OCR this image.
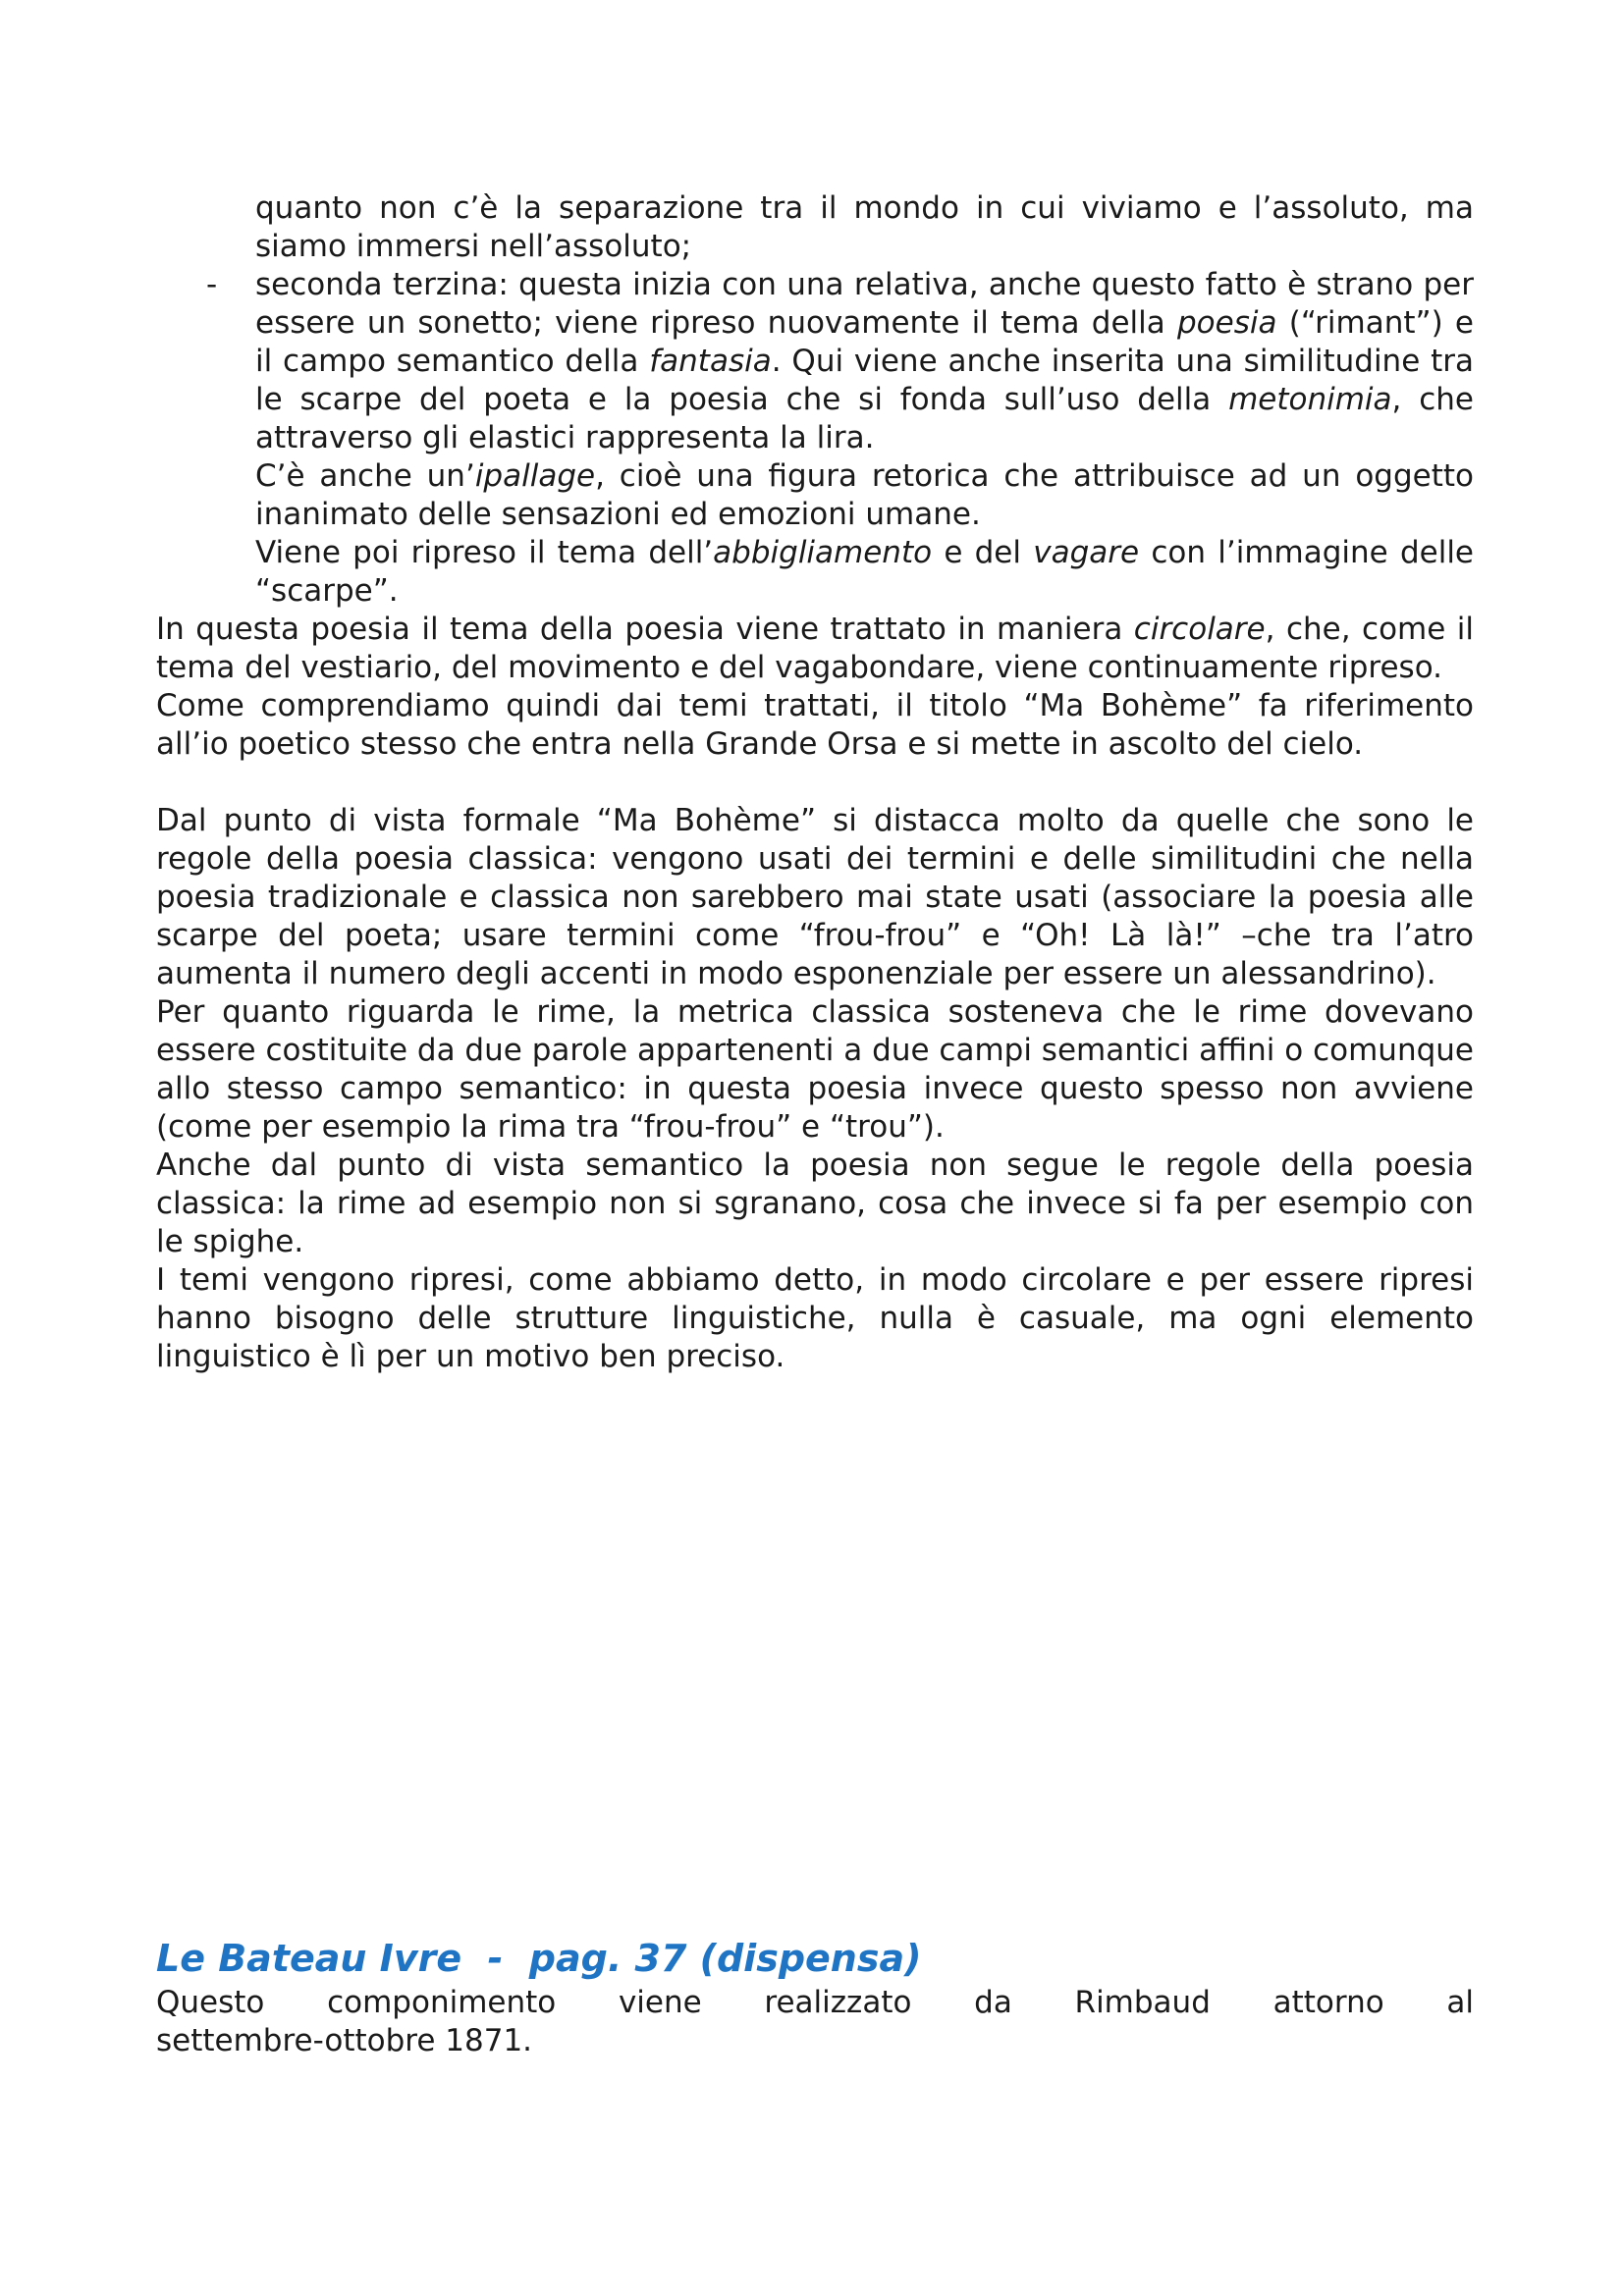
quanto non c’è la separazione tra il mondo in cui viviamo e l’assoluto, ma siamo immersi nell’assoluto;

- seconda terzina: questa inizia con una relativa, anche questo fatto è strano per essere un sonetto; viene ripreso nuovamente il tema della poesia (“rimant”) e il campo semantico della fantasia. Qui viene anche inserita una similitudine tra le scarpe del poeta e la poesia che si fonda sull’uso della metonimia, che attraverso gli elastici rappresenta la lira.

C’è anche un’ipallage, cioè una figura retorica che attribuisce ad un oggetto inanimato delle sensazioni ed emozioni umane.

Viene poi ripreso il tema dell’abbigliamento e del vagare con l’immagine delle “scarpe”.

In questa poesia il tema della poesia viene trattato in maniera circolare, che, come il tema del vestiario, del movimento e del vagabondare, viene continuamente ripreso.

Come comprendiamo quindi dai temi trattati, il titolo “Ma Bohème” fa riferimento all’io poetico stesso che entra nella Grande Orsa e si mette in ascolto del cielo.

Dal punto di vista formale “Ma Bohème” si distacca molto da quelle che sono le regole della poesia classica: vengono usati dei termini e delle similitudini che nella poesia tradizionale e classica non sarebbero mai state usati (associare la poesia alle scarpe del poeta; usare termini come “frou-frou” e “Oh! Là là!” –che tra l’atro aumenta il numero degli accenti in modo esponenziale per essere un alessandrino).

Per quanto riguarda le rime, la metrica classica sosteneva che le rime dovevano essere costituite da due parole appartenenti a due campi semantici affini o comunque allo stesso campo semantico: in questa poesia invece questo spesso non avviene (come per esempio la rima tra “frou-frou” e “trou”).

Anche dal punto di vista semantico la poesia non segue le regole della poesia classica: la rime ad esempio non si sgranano, cosa che invece si fa per esempio con le spighe.

I temi vengono ripresi, come abbiamo detto, in modo circolare e per essere ripresi hanno bisogno delle strutture linguistiche, nulla è casuale, ma ogni elemento linguistico è lì per un motivo ben preciso.

Le Bateau Ivre  -  pag. 37 (dispensa)

Questo componimento viene realizzato da Rimbaud attorno al

settembre-ottobre 1871.
